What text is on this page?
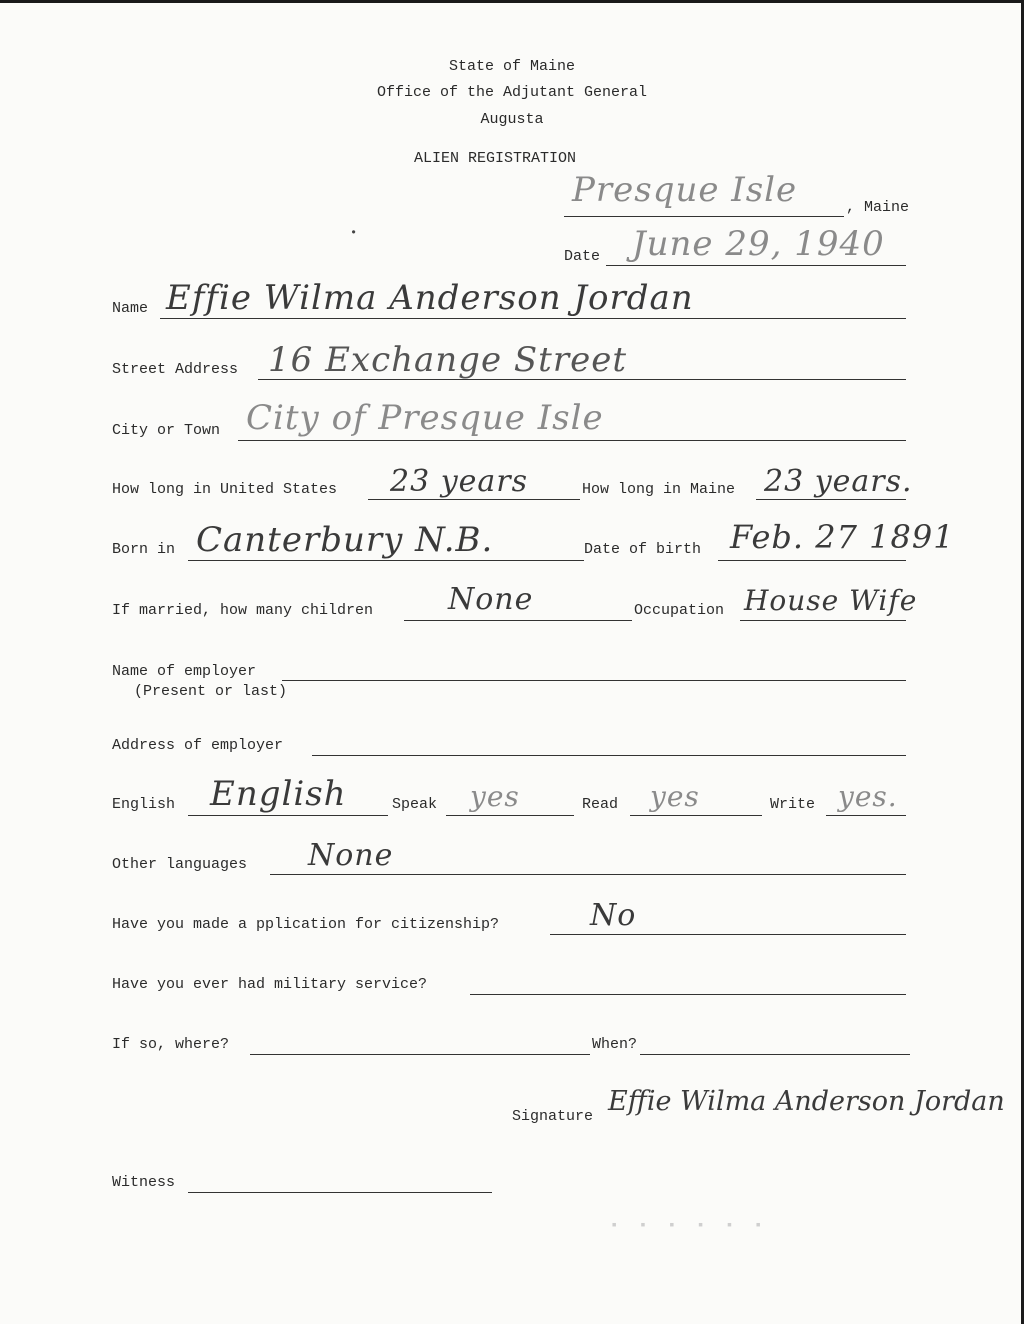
State of Maine
Office of the Adjutant General
Augusta
ALIEN REGISTRATION
Presque Isle	, Maine
•
Date June 29, 1940
Name Effie Wilma Anderson Jordan
Street Address 16 Exchange Street
City or Town City of Presque Isle
How long in United States 23 years	How long in Maine 23 years.
Born in Canterbury N.B.	Date of birth Feb. 27 1891
If married, how many children None	Occupation House Wife
Name of employer
(Present or last)
Address of employer
English English	Speak yes	Read yes	Write yes.
Other languages None
Have you made a pplication for citizenship?	No
Have you ever had military service?
If so, where?	When?
Signature Effie Wilma Anderson Jordan
Witness
▪ ▪ ▪ ▪ ▪ ▪
